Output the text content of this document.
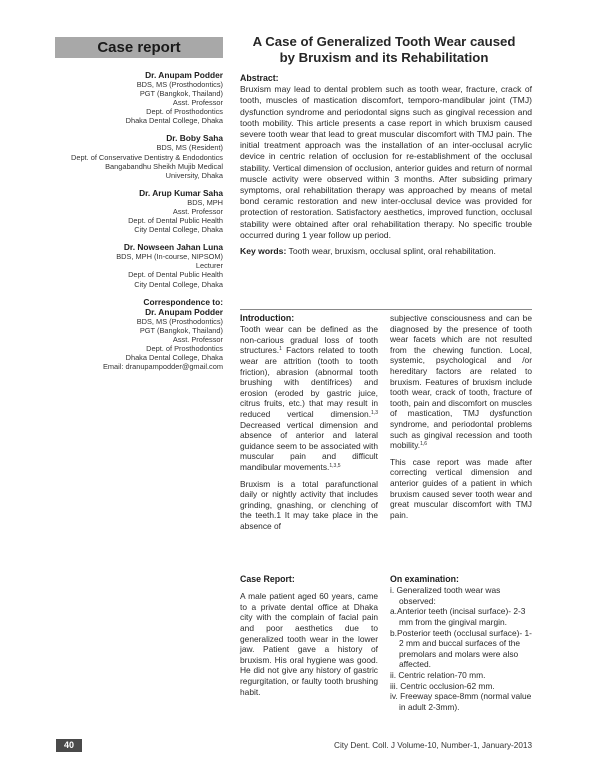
Case report	A Case of Generalized Tooth Wear caused
by Bruxism and its Rehabilitation
Dr. Anupam Podder
BDS, MS (Prosthodontics)
PGT (Bangkok, Thailand)
Asst. Professor
Dept. of Prosthodontics
Dhaka Dental College, Dhaka
Dr. Boby Saha
BDS, MS (Resident)
Dept. of Conservative Dentistry & Endodontics
Bangabandhu Sheikh Mujib Medical
University, Dhaka
Dr. Arup Kumar Saha
BDS, MPH
Asst. Professor
Dept. of Dental Public Health
City Dental College, Dhaka
Dr. Nowseen Jahan Luna
BDS, MPH (In-course, NIPSOM)
Lecturer
Dept. of Dental Public Health
City Dental College, Dhaka
Correspondence to:
Dr. Anupam Podder
BDS, MS (Prosthodontics)
PGT (Bangkok, Thailand)
Asst. Professor
Dept. of Prosthodontics
Dhaka Dental College, Dhaka
Email: dranupampodder@gmail.com
Abstract:
Bruxism may lead to dental problem such as tooth wear, fracture, crack of tooth, muscles of mastication discomfort, temporo-mandibular joint (TMJ) dysfunction syndrome and periodontal signs such as gingival recession and tooth mobility. This article presents a case report in which bruxism caused severe tooth wear that lead to great muscular discomfort with TMJ pain. The initial treatment approach was the installation of an inter-occlusal acrylic device in centric relation of occlusion for re-establishment of the occlusal stability. Vertical dimension of occlusion, anterior guides and return of normal muscle activity were observed within 3 months. After subsiding primary symptoms, oral rehabilitation therapy was approached by means of metal bond ceramic restoration and new inter-occlusal device was provided for protection of restoration. Satisfactory aesthetics, improved function, occlusal stability were obtained after oral rehabilitation therapy. No specific trouble occurred during 1 year follow up period.
Key words: Tooth wear, bruxism, occlusal splint, oral rehabilitation.
Introduction:

Tooth wear can be defined as the non-carious gradual loss of tooth structures.$^1$ Factors related to tooth wear are attrition (tooth to tooth friction), abrasion (abnormal tooth brushing with dentifrices) and erosion (eroded by gastric juice, citrus fruits, etc.) that may result in reduced vertical dimension.$^{1,3}$ Decreased vertical dimension and absence of anterior and lateral guidance seem to be associated with muscular pain and difficult mandibular movements.$^{1,3,5}$

Bruxism is a total parafunctional daily or nightly activity that includes grinding, gnashing, or clenching of the teeth.1 It may take place in the absence of

subjective consciousness and can be diagnosed by the presence of tooth wear facets which are not resulted from the chewing function. Local, systemic, psychological and /or hereditary factors are related to bruxism. Features of bruxism include tooth wear, crack of tooth, fracture of tooth, pain and discomfort on muscles of mastication, TMJ dysfunction syndrome, and periodontal problems such as gingival recession and tooth mobility.$^{1,6}$

This case report was made after correcting vertical dimension and anterior guides of a patient in which bruxism caused sever tooth wear and great muscular discomfort with TMJ pain.

Case Report:

A male patient aged 60 years, came to a private dental office at Dhaka city with the complain of facial pain and poor aesthetics due to generalized tooth wear in the lower jaw. Patient gave a history of bruxism. His oral hygiene was good. He did not give any history of gastric regurgitation, or faulty tooth brushing habit.

On examination:
i. Generalized tooth wear was observed:
a.Anterior teeth (incisal surface)- 2-3 mm from the gingival margin.
b.Posterior teeth (occlusal surface)- 1-2 mm and buccal surfaces of the premolars and molars were also affected.
ii. Centric relation-70 mm.
iii. Centric occlusion-62 mm.
iv. Freeway space-8mm (normal value in adult 2-3mm).
40	City Dent. Coll. J Volume-10, Number-1, January-2013
